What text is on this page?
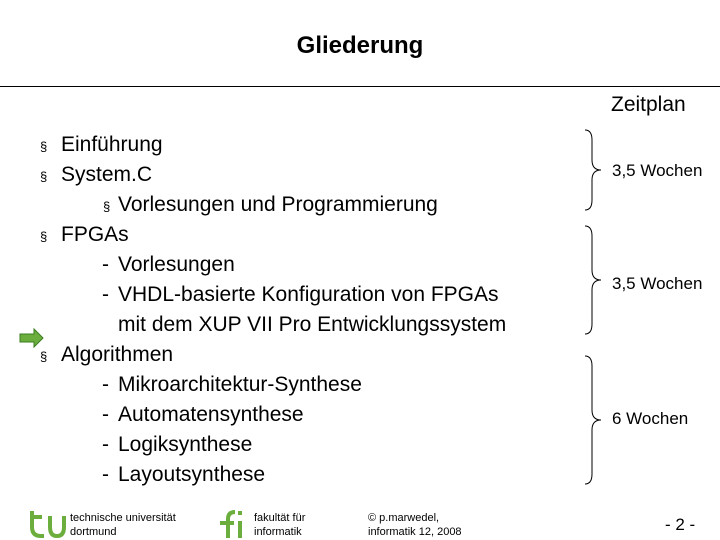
Gliederung
Zeitplan
§ Einführung
§ System.C
§ Vorlesungen und Programmierung
§ FPGAs
- Vorlesungen
- VHDL-basierte Konfiguration von FPGAs
mit dem XUP VII Pro Entwicklungssystem
§ Algorithmen
- Mikroarchitektur-Synthese
- Automatensynthese
- Logiksynthese
- Layoutsynthese
3,5 Wochen
3,5 Wochen
6 Wochen
technische universität
dortmund
fakultät für
informatik
© p.marwedel,
informatik 12, 2008	- 2 -
